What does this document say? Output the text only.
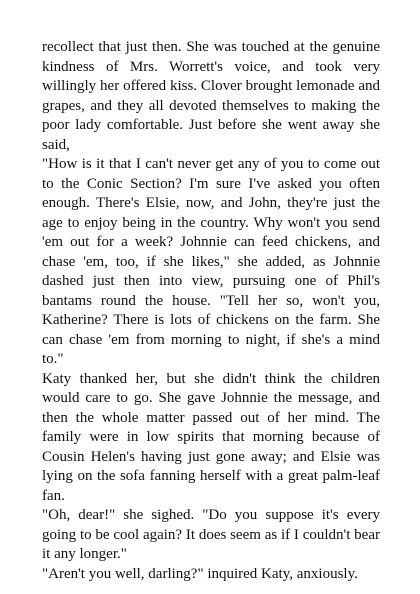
recollect that just then. She was touched at the genuine kindness of Mrs. Worrett's voice, and took very willingly her offered kiss. Clover brought lemonade and grapes, and they all devoted themselves to making the poor lady comfortable. Just before she went away she said,

"How is it that I can't never get any of you to come out to the Conic Section? I'm sure I've asked you often enough. There's Elsie, now, and John, they're just the age to enjoy being in the country. Why won't you send 'em out for a week? Johnnie can feed chickens, and chase 'em, too, if she likes," she added, as Johnnie dashed just then into view, pursuing one of Phil's bantams round the house. "Tell her so, won't you, Katherine? There is lots of chickens on the farm. She can chase 'em from morning to night, if she's a mind to."

Katy thanked her, but she didn't think the children would care to go. She gave Johnnie the message, and then the whole matter passed out of her mind. The family were in low spirits that morning because of Cousin Helen's having just gone away; and Elsie was lying on the sofa fanning herself with a great palm-leaf fan.

"Oh, dear!" she sighed. "Do you suppose it's every going to be cool again? It does seem as if I couldn't bear it any longer."

"Aren't you well, darling?" inquired Katy, anxiously.
